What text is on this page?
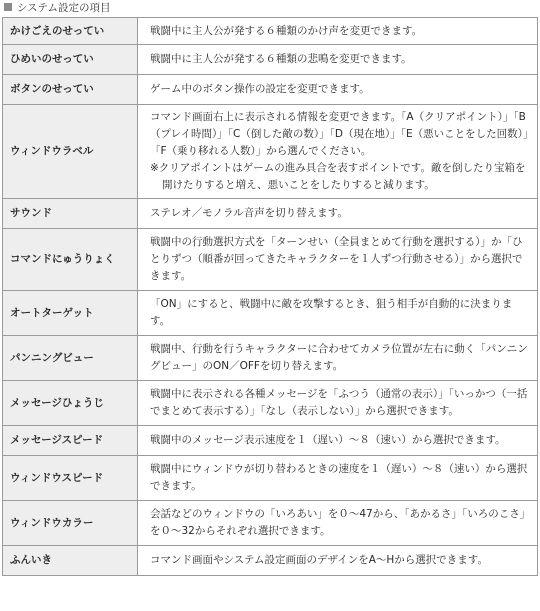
システム設定の項目
かけごえのせってい	戦闘中に主人公が発する６種類のかけ声を変更できます。
ひめいのせってい	戦闘中に主人公が発する６種類の悲鳴を変更できます。
ボタンのせってい	ゲーム中のボタン操作の設定を変更できます。
ウィンドウラベル	コマンド画面右上に表示される情報を変更できます。「A（クリアポイント）」「B（プレイ時間）」「C（倒した敵の数）」「D（現在地）」「E（悪いことをした回数）」「F（乗り移れる人数）」から選んでください。
※クリアポイントはゲームの進み具合を表すポイントです。敵を倒したり宝箱を開けたりすると増え、悪いことをしたりすると減ります。

サウンド	ステレオ／モノラル音声を切り替えます。
コマンドにゅうりょく	戦闘中の行動選択方式を「ターンせい（全員まとめて行動を選択する）」か「ひとりずつ（順番が回ってきたキャラクターを１人ずつ行動させる）」から選択できます。
オートターゲット	「ON」にすると、戦闘中に敵を攻撃するとき、狙う相手が自動的に決まります。
パンニングビュー	戦闘中、行動を行うキャラクターに合わせてカメラ位置が左右に動く「パンニングビュー」のON／OFFを切り替えます。
メッセージひょうじ	戦闘中に表示される各種メッセージを「ふつう（通常の表示）」「いっかつ（一括でまとめて表示する）」「なし（表示しない）」から選択できます。
メッセージスピード	戦闘中のメッセージ表示速度を１（遅い）～８（速い）から選択できます。
ウィンドウスピード	戦闘中にウィンドウが切り替わるときの速度を１（遅い）～８（速い）から選択できます。
ウィンドウカラー	会話などのウィンドウの「いろあい」を０～47から、「あかるさ」「いろのこさ」を０～32からそれぞれ選択できます。
ふんいき	コマンド画面やシステム設定画面のデザインをA～Hから選択できます。
